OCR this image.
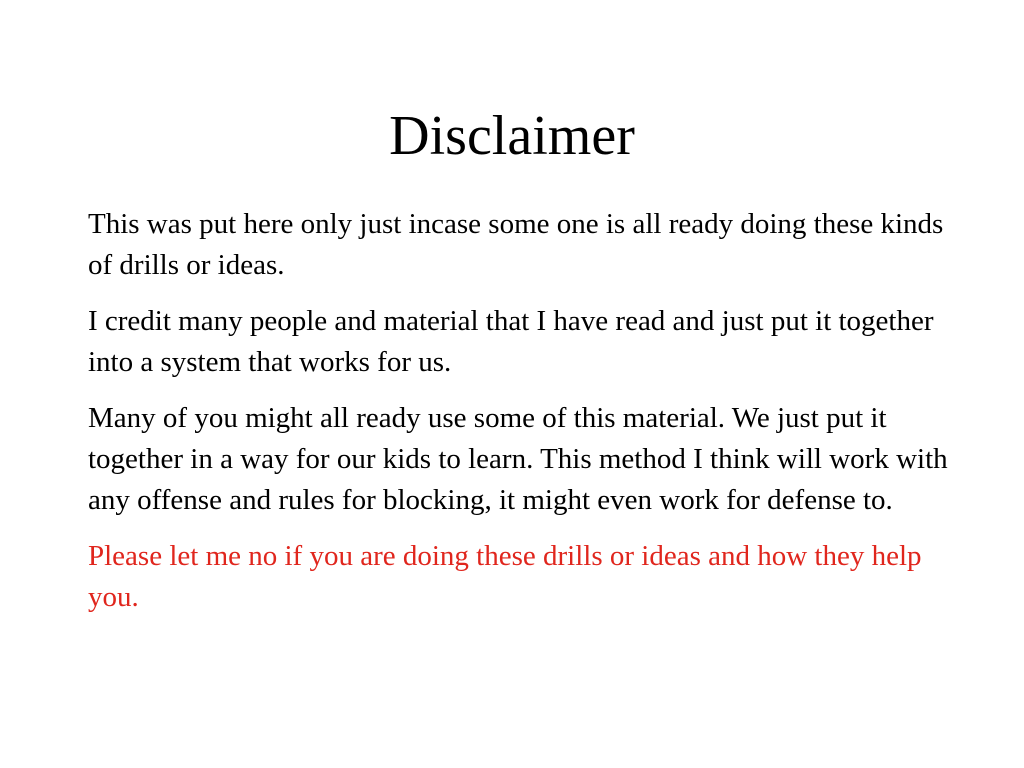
Disclaimer

This was put here only just incase some one is all ready doing these kinds of drills or ideas.

I credit many people and material that I have read and just put it together into a system that works for us.

Many of you might all ready use some of this material. We just put it together in a way for our kids to learn. This method I think will work with any offense and rules for blocking, it might even work for defense to.

Please let me no if you are doing these drills or ideas and how they help you.
